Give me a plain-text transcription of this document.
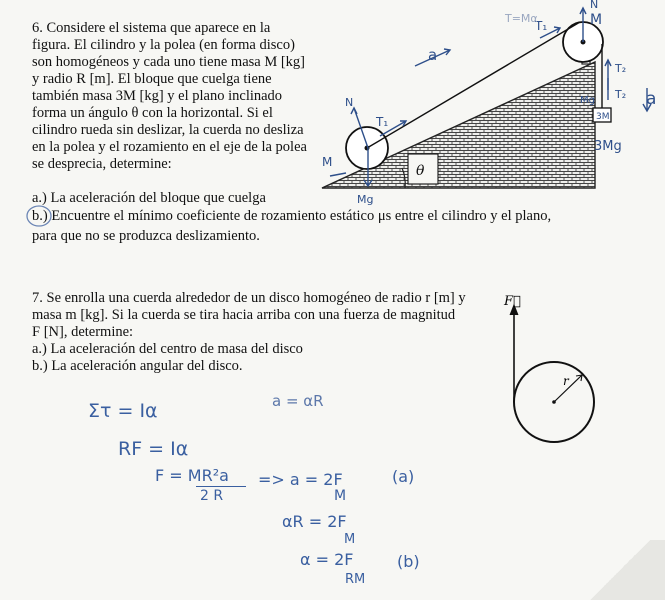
6. Considere el sistema que aparece en la
figura. El cilindro y la polea (en forma disco)
son homogéneos y cada uno tiene masa M [kg]
y radio R [m]. El bloque que cuelga tiene
también masa 3M [kg] y el plano inclinado
forma un ángulo θ con la horizontal. Si el
cilindro rueda sin deslizar, la cuerda no desliza
en la polea y el rozamiento en el eje de la polea
se desprecia, determine:
a.) La aceleración del bloque que cuelga
b.) Encuentre el mínimo coeficiente de rozamiento estático μs entre el cilindro y el plano,
para que no se produzca deslizamiento.
a
T₁	M
N
T₂
T₂
Mg
3M
3Mg
a
T₁
N
M
Mg
T=Mα
θ
7. Se enrolla una cuerda alrededor de un disco homogéneo de radio r [m] y
masa m [kg]. Si la cuerda se tira hacia arriba con una fuerza de magnitud
F [N], determine:
a.) La aceleración del centro de masa del disco
b.) La aceleración angular del disco.
F⃗
r
Στ = Iα	a = αR
RF = Iα
F = MR²a
2 R
=> a = 2F
M
(a)
αR = 2F
M
α = 2F
RM
(b)
